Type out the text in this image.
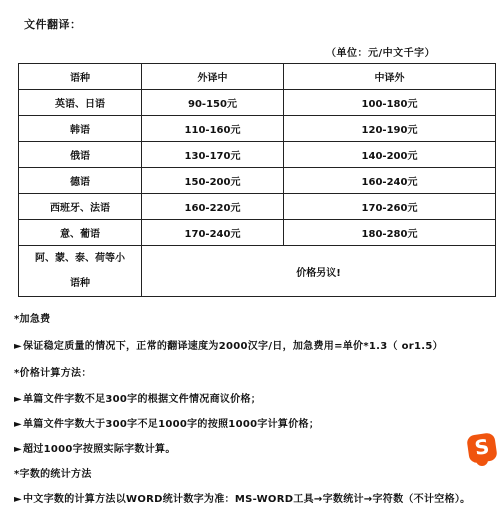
文件翻译：
（单位：元/中文千字）
语种	外译中	中译外
英语、日语	90-150元	100-180元
韩语	110-160元	120-190元
俄语	130-170元	140-200元
德语	150-200元	160-240元
西班牙、法语	160-220元	170-260元
意、葡语	170-240元	180-280元

阿、蒙、泰、荷等小
语种	价格另议!	
*加急费
►保证稳定质量的情况下，正常的翻译速度为2000汉字/日，加急费用=单价*1.3（ or1.5）
*价格计算方法：
►单篇文件字数不足300字的根据文件情况商议价格；
►单篇文件字数大于300字不足1000字的按照1000字计算价格；
►超过1000字按照实际字数计算。
*字数的统计方法
►中文字数的计算方法以WORD统计数字为准：MS-WORD工具→字数统计→字符数（不计空格）。
S
